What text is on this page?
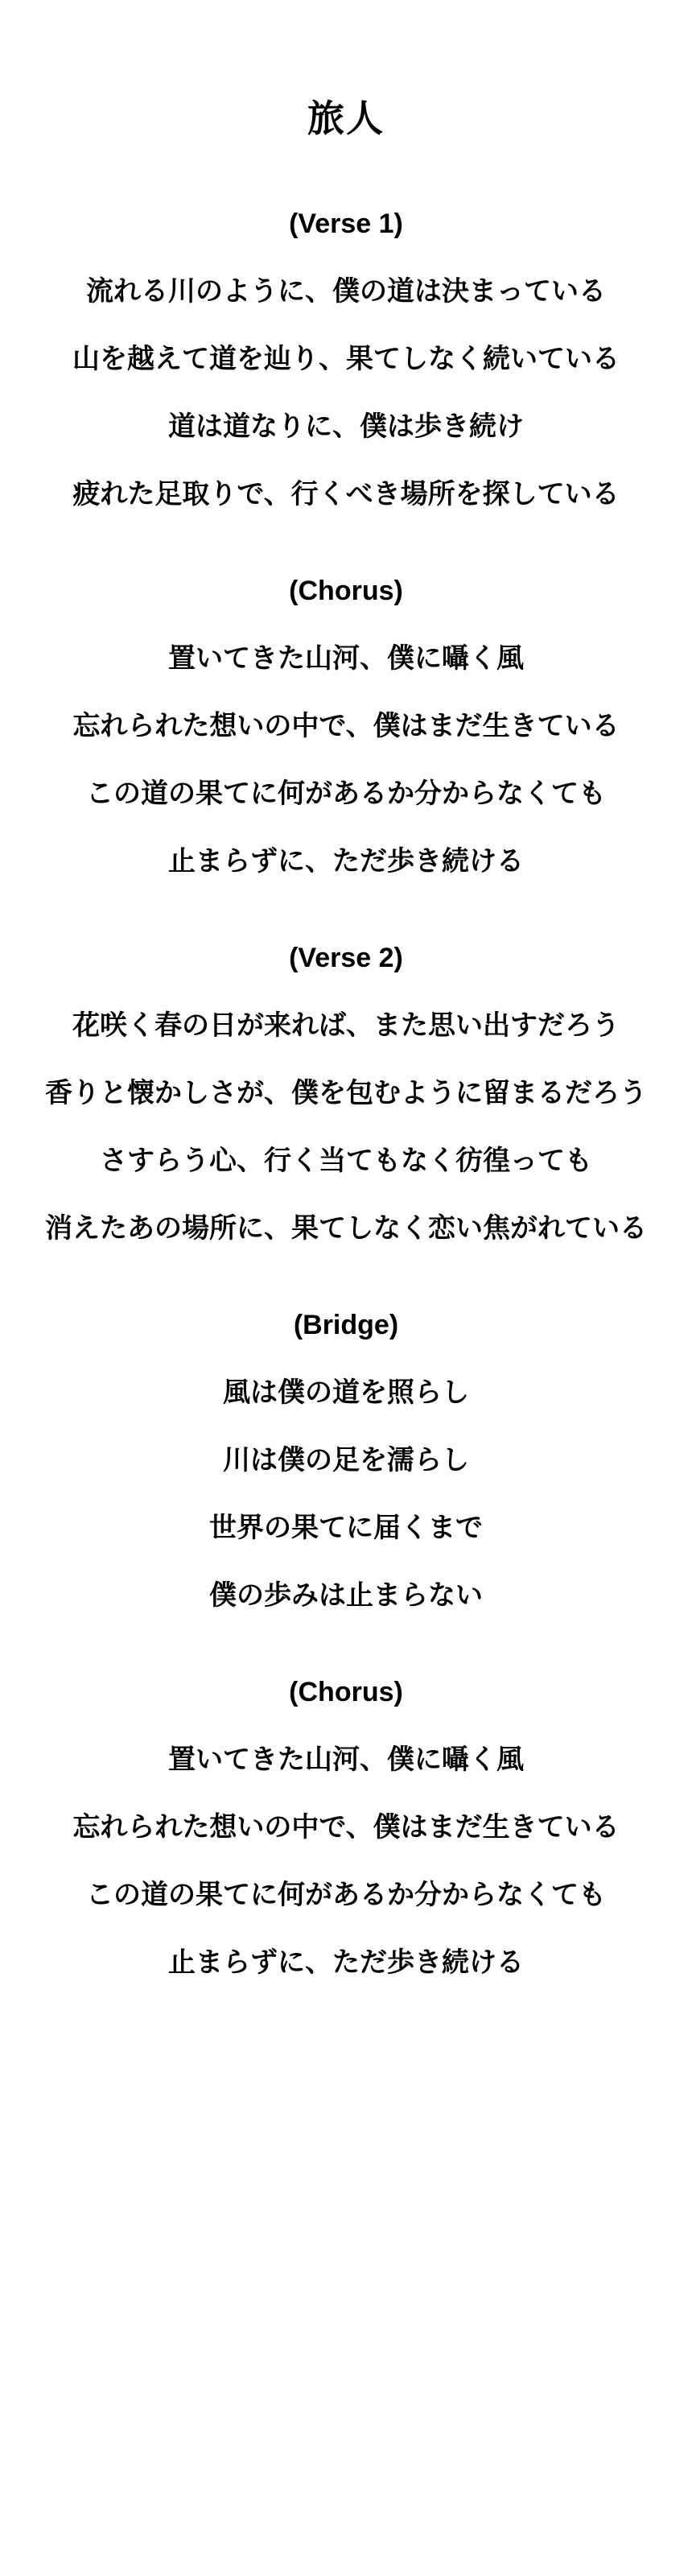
旅人
(Verse 1)

流れる川のように、僕の道は決まっている

山を越えて道を辿り、果てしなく続いている

道は道なりに、僕は歩き続け

疲れた足取りで、行くべき場所を探している

(Chorus)

置いてきた山河、僕に囁く風

忘れられた想いの中で、僕はまだ生きている

この道の果てに何があるか分からなくても

止まらずに、ただ歩き続ける

(Verse 2)

花咲く春の日が来れば、また思い出すだろう

香りと懐かしさが、僕を包むように留まるだろう

さすらう心、行く当てもなく彷徨っても

消えたあの場所に、果てしなく恋い焦がれている

(Bridge)

風は僕の道を照らし

川は僕の足を濡らし

世界の果てに届くまで

僕の歩みは止まらない

(Chorus)

置いてきた山河、僕に囁く風

忘れられた想いの中で、僕はまだ生きている

この道の果てに何があるか分からなくても

止まらずに、ただ歩き続ける
